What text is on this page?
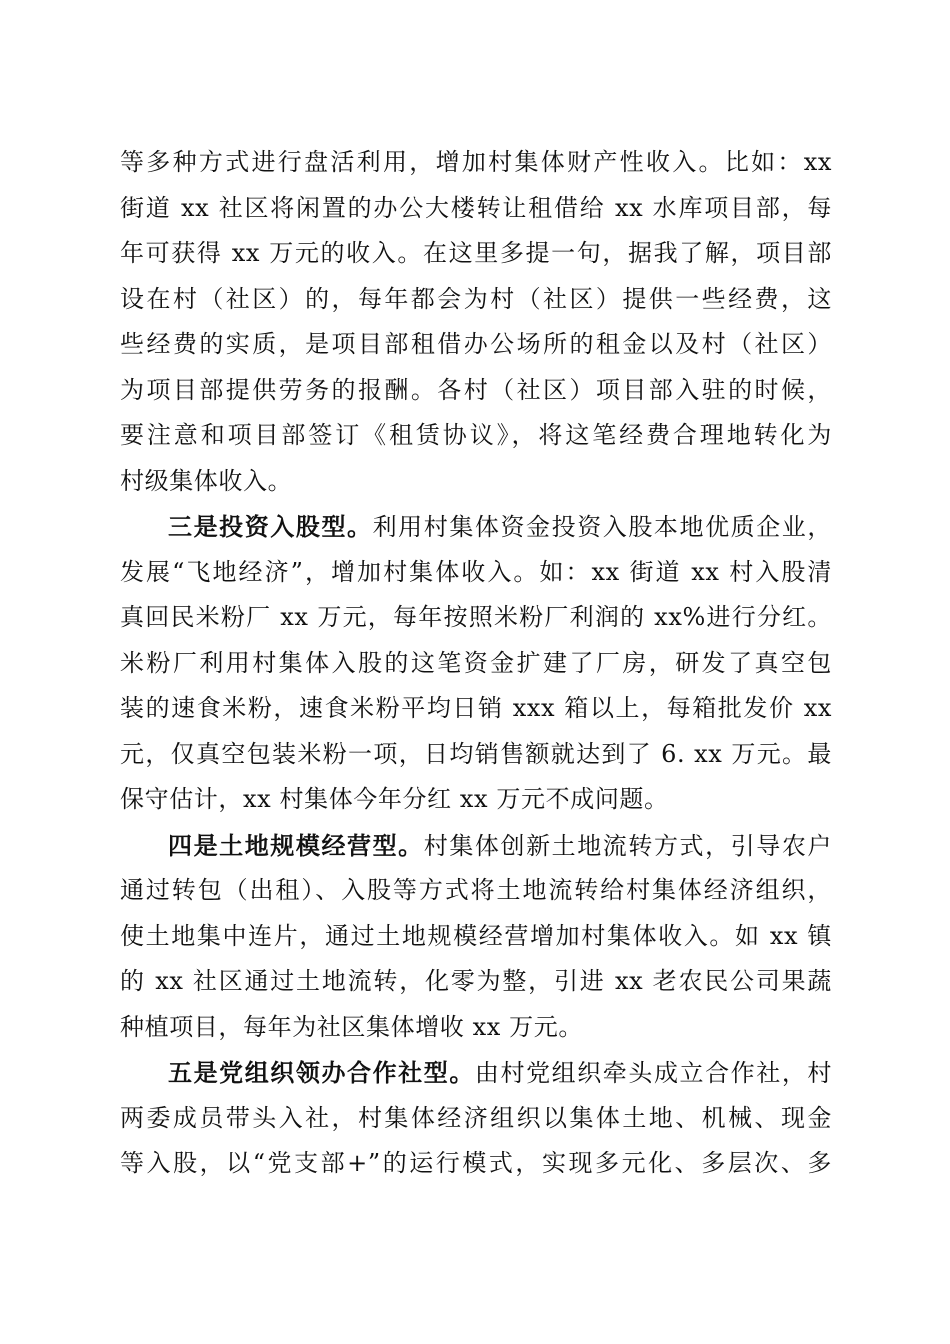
等多种方式进行盘活利用，增加村集体财产性收入。比如：xx
街道 xx 社区将闲置的办公大楼转让租借给 xx 水库项目部，每
年可获得 xx 万元的收入。在这里多提一句，据我了解，项目部
设在村（社区）的，每年都会为村（社区）提供一些经费，这
些经费的实质，是项目部租借办公场所的租金以及村（社区）
为项目部提供劳务的报酬。各村（社区）项目部入驻的时候，
要注意和项目部签订《租赁协议》，将这笔经费合理地转化为
村级集体收入。
三是投资入股型。利用村集体资金投资入股本地优质企业，
发展“飞地经济”，增加村集体收入。如：xx 街道 xx 村入股清
真回民米粉厂 xx 万元，每年按照米粉厂利润的 xx%进行分红。
米粉厂利用村集体入股的这笔资金扩建了厂房，研发了真空包
装的速食米粉，速食米粉平均日销 xxx 箱以上，每箱批发价 xx
元，仅真空包装米粉一项，日均销售额就达到了 6. xx 万元。最
保守估计，xx 村集体今年分红 xx 万元不成问题。
四是土地规模经营型。村集体创新土地流转方式，引导农户
通过转包（出租）、入股等方式将土地流转给村集体经济组织，
使土地集中连片，通过土地规模经营增加村集体收入。如 xx 镇
的 xx 社区通过土地流转，化零为整，引进 xx 老农民公司果蔬
种植项目，每年为社区集体增收 xx 万元。
五是党组织领办合作社型。由村党组织牵头成立合作社，村
两委成员带头入社，村集体经济组织以集体土地、机械、现金
等入股，以“党支部+”的运行模式，实现多元化、多层次、多
